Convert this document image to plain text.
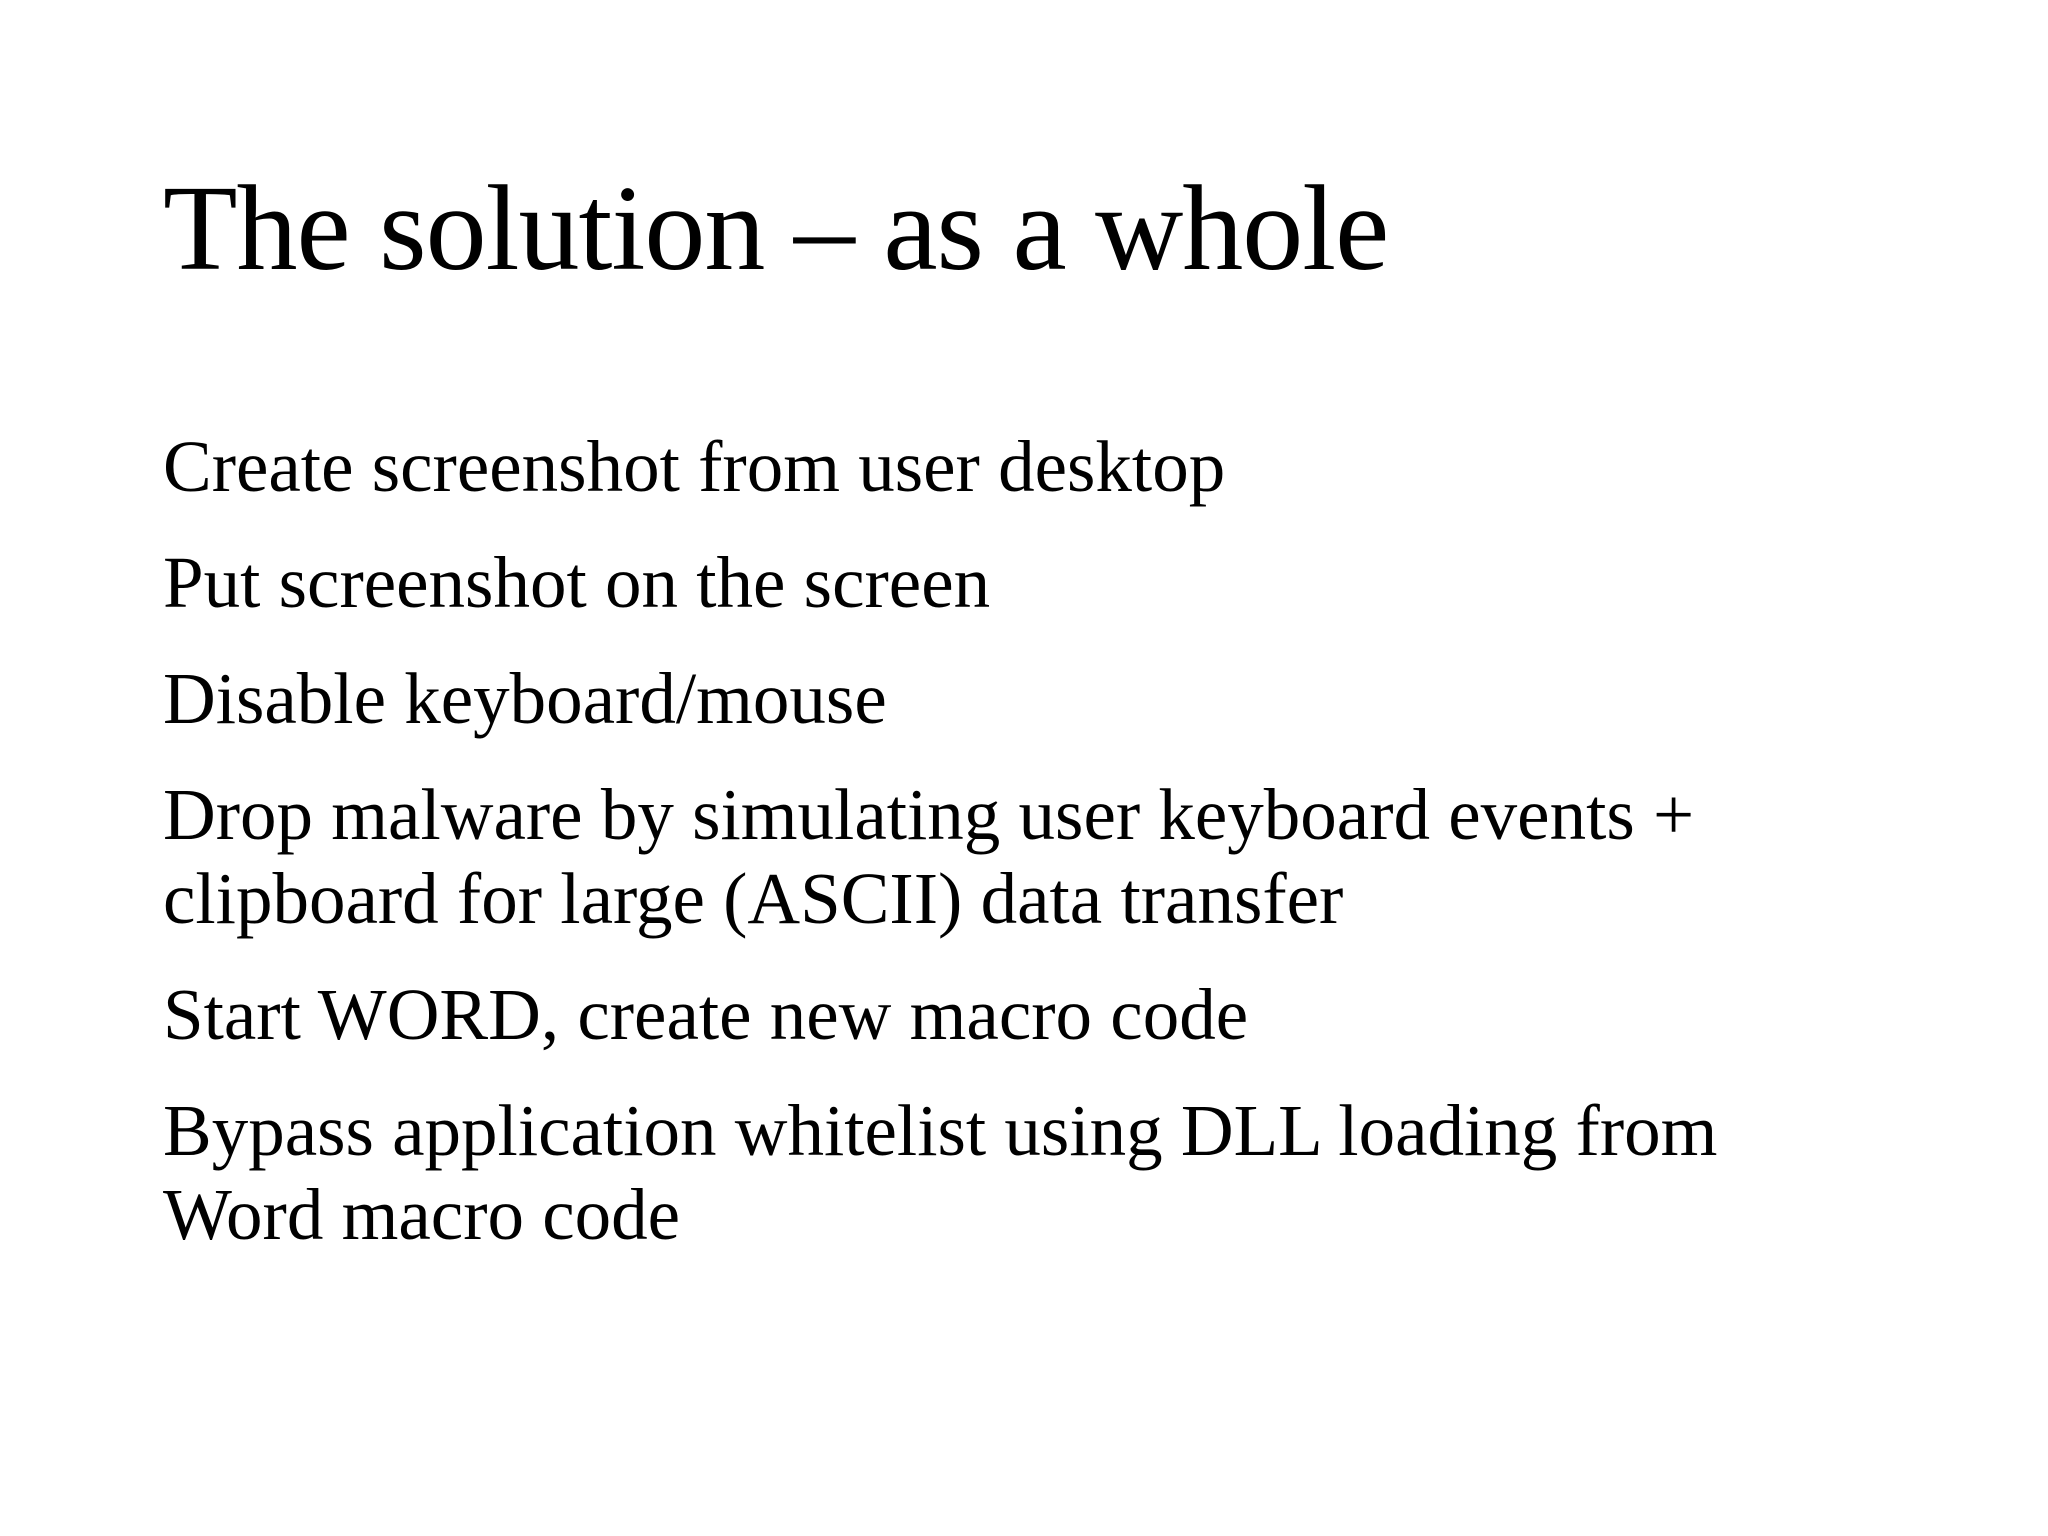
The solution – as a whole
Create screenshot from user desktop
Put screenshot on the screen
Disable keyboard/mouse
Drop malware by simulating user keyboard events + clipboard for large (ASCII) data transfer
Start WORD, create new macro code
Bypass application whitelist using DLL loading from Word macro code
